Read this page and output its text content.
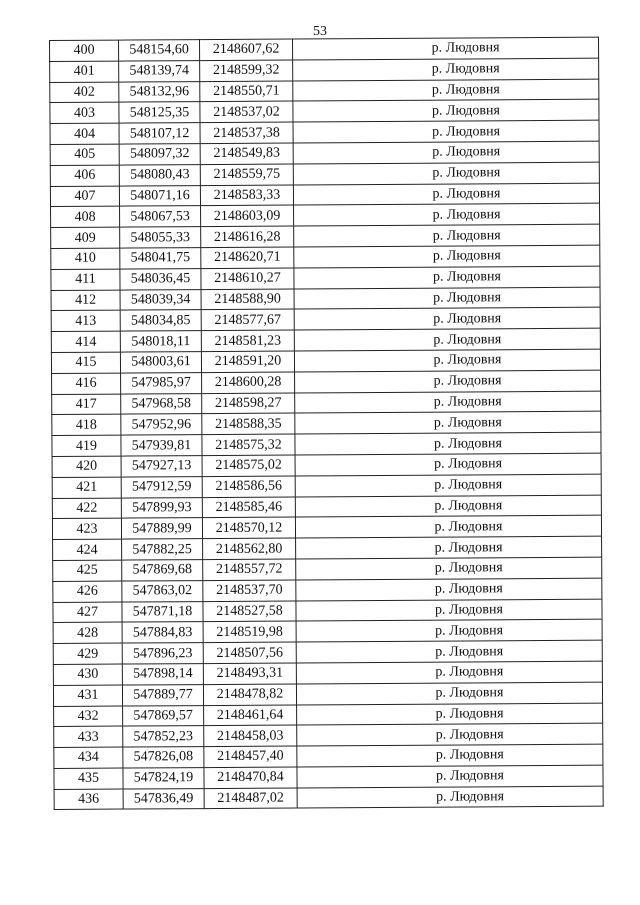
53
400	548154,60	2148607,62	р. Людовня
401	548139,74	2148599,32	р. Людовня
402	548132,96	2148550,71	р. Людовня
403	548125,35	2148537,02	р. Людовня
404	548107,12	2148537,38	р. Людовня
405	548097,32	2148549,83	р. Людовня
406	548080,43	2148559,75	р. Людовня
407	548071,16	2148583,33	р. Людовня
408	548067,53	2148603,09	р. Людовня
409	548055,33	2148616,28	р. Людовня
410	548041,75	2148620,71	р. Людовня
411	548036,45	2148610,27	р. Людовня
412	548039,34	2148588,90	р. Людовня
413	548034,85	2148577,67	р. Людовня
414	548018,11	2148581,23	р. Людовня
415	548003,61	2148591,20	р. Людовня
416	547985,97	2148600,28	р. Людовня
417	547968,58	2148598,27	р. Людовня
418	547952,96	2148588,35	р. Людовня
419	547939,81	2148575,32	р. Людовня
420	547927,13	2148575,02	р. Людовня
421	547912,59	2148586,56	р. Людовня
422	547899,93	2148585,46	р. Людовня
423	547889,99	2148570,12	р. Людовня
424	547882,25	2148562,80	р. Людовня
425	547869,68	2148557,72	р. Людовня
426	547863,02	2148537,70	р. Людовня
427	547871,18	2148527,58	р. Людовня
428	547884,83	2148519,98	р. Людовня
429	547896,23	2148507,56	р. Людовня
430	547898,14	2148493,31	р. Людовня
431	547889,77	2148478,82	р. Людовня
432	547869,57	2148461,64	р. Людовня
433	547852,23	2148458,03	р. Людовня
434	547826,08	2148457,40	р. Людовня
435	547824,19	2148470,84	р. Людовня
436	547836,49	2148487,02	р. Людовня
